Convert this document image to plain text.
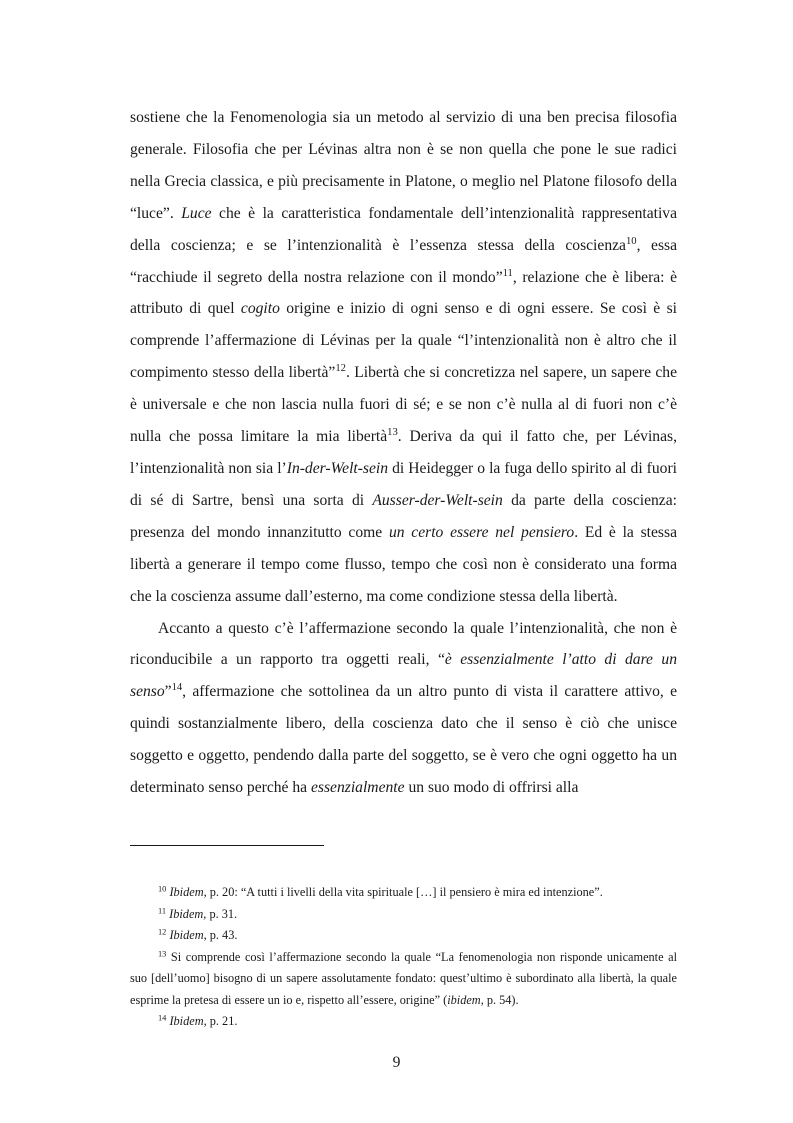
sostiene che la Fenomenologia sia un metodo al servizio di una ben precisa filosofia generale. Filosofia che per Lévinas altra non è se non quella che pone le sue radici nella Grecia classica, e più precisamente in Platone, o meglio nel Platone filosofo della “luce”. Luce che è la caratteristica fondamentale dell’intenzionalità rappresentativa della coscienza; e se l’intenzionalità è l’essenza stessa della coscienza$^{10}$, essa “racchiude il segreto della nostra relazione con il mondo”$^{11}$, relazione che è libera: è attributo di quel cogito origine e inizio di ogni senso e di ogni essere. Se così è si comprende l’affermazione di Lévinas per la quale “l’intenzionalità non è altro che il compimento stesso della libertà”$^{12}$. Libertà che si concretizza nel sapere, un sapere che è universale e che non lascia nulla fuori di sé; e se non c’è nulla al di fuori non c’è nulla che possa limitare la mia libertà$^{13}$. Deriva da qui il fatto che, per Lévinas, l’intenzionalità non sia l’In-der-Welt-sein di Heidegger o la fuga dello spirito al di fuori di sé di Sartre, bensì una sorta di Ausser-der-Welt-sein da parte della coscienza: presenza del mondo innanzitutto come un certo essere nel pensiero. Ed è la stessa libertà a generare il tempo come flusso, tempo che così non è considerato una forma che la coscienza assume dall’esterno, ma come condizione stessa della libertà.

Accanto a questo c’è l’affermazione secondo la quale l’intenzionalità, che non è riconducibile a un rapporto tra oggetti reali, “è essenzialmente l’atto di dare un senso”$^{14}$, affermazione che sottolinea da un altro punto di vista il carattere attivo, e quindi sostanzialmente libero, della coscienza dato che il senso è ciò che unisce soggetto e oggetto, pendendo dalla parte del soggetto, se è vero che ogni oggetto ha un determinato senso perché ha essenzialmente un suo modo di offrirsi alla

$^{10}$ Ibidem, p. 20: “A tutti i livelli della vita spirituale […] il pensiero è mira ed intenzione”.

$^{11}$ Ibidem, p. 31.

$^{12}$ Ibidem, p. 43.

$^{13}$ Si comprende così l’affermazione secondo la quale “La fenomenologia non risponde unicamente al suo [dell’uomo] bisogno di un sapere assolutamente fondato: quest’ultimo è subordinato alla libertà, la quale esprime la pretesa di essere un io e, rispetto all’essere, origine” (ibidem, p. 54).

$^{14}$ Ibidem, p. 21.

9
